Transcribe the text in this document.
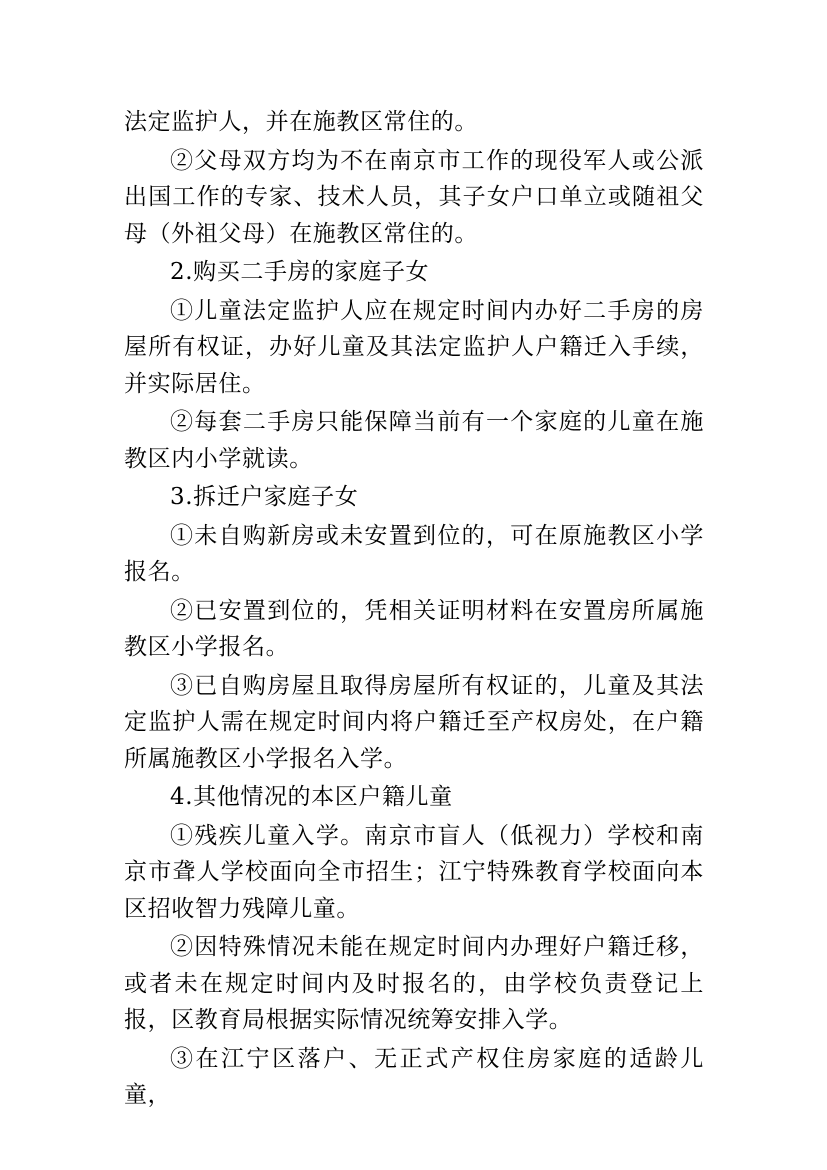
法定监护人，并在施教区常住的。

②父母双方均为不在南京市工作的现役军人或公派出国工作的专家、技术人员，其子女户口单立或随祖父母（外祖父母）在施教区常住的。

2.购买二手房的家庭子女

①儿童法定监护人应在规定时间内办好二手房的房屋所有权证，办好儿童及其法定监护人户籍迁入手续，并实际居住。

②每套二手房只能保障当前有一个家庭的儿童在施教区内小学就读。

3.拆迁户家庭子女

①未自购新房或未安置到位的，可在原施教区小学报名。

②已安置到位的，凭相关证明材料在安置房所属施教区小学报名。

③已自购房屋且取得房屋所有权证的，儿童及其法定监护人需在规定时间内将户籍迁至产权房处，在户籍所属施教区小学报名入学。

4.其他情况的本区户籍儿童

①残疾儿童入学。南京市盲人（低视力）学校和南京市聋人学校面向全市招生；江宁特殊教育学校面向本区招收智力残障儿童。

②因特殊情况未能在规定时间内办理好户籍迁移，或者未在规定时间内及时报名的，由学校负责登记上报，区教育局根据实际情况统筹安排入学。

③在江宁区落户、无正式产权住房家庭的适龄儿童，
